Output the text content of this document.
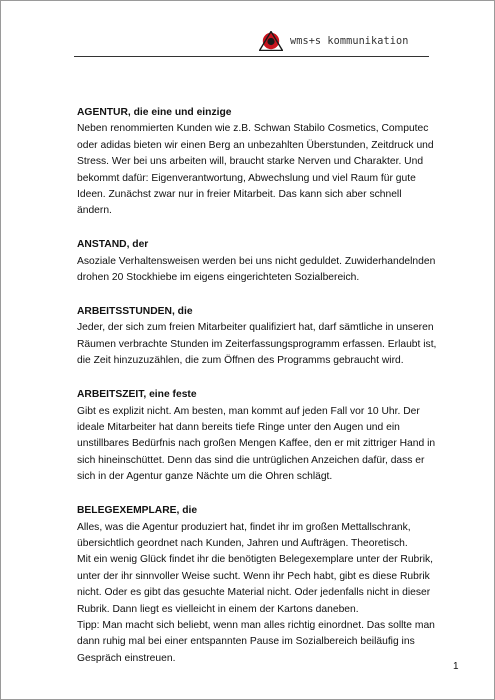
wms+s kommunikation

AGENTUR, die eine und einzige

Neben renommierten Kunden wie z.B. Schwan Stabilo Cosmetics, Computec oder adidas bieten wir einen Berg an unbezahlten Überstunden, Zeitdruck und Stress. Wer bei uns arbeiten will, braucht starke Nerven und Charakter. Und bekommt dafür: Eigenverantwortung, Abwechslung und viel Raum für gute Ideen. Zunächst zwar nur in freier Mitarbeit. Das kann sich aber schnell ändern.

ANSTAND, der

Asoziale Verhaltensweisen werden bei uns nicht geduldet. Zuwiderhandelnden drohen 20 Stockhiebe im eigens eingerichteten Sozialbereich.

ARBEITSSTUNDEN, die

Jeder, der sich zum freien Mitarbeiter qualifiziert hat, darf sämtliche in unseren Räumen verbrachte Stunden im Zeiterfassungsprogramm erfassen. Erlaubt ist, die Zeit hinzuzuzählen, die zum Öffnen des Programms gebraucht wird.

ARBEITSZEIT, eine feste

Gibt es explizit nicht. Am besten, man kommt auf jeden Fall vor 10 Uhr. Der ideale Mitarbeiter hat dann bereits tiefe Ringe unter den Augen und ein unstillbares Bedürfnis nach großen Mengen Kaffee, den er mit zittriger Hand in sich hineinschüttet. Denn das sind die untrüglichen Anzeichen dafür, dass er sich in der Agentur ganze Nächte um die Ohren schlägt.

BELEGEXEMPLARE, die

Alles, was die Agentur produziert hat, findet ihr im großen Mettallschrank, übersichtlich geordnet nach Kunden, Jahren und Aufträgen. Theoretisch.

Mit ein wenig Glück findet ihr die benötigten Belegexemplare unter der Rubrik, unter der ihr sinnvoller Weise sucht. Wenn ihr Pech habt, gibt es diese Rubrik nicht. Oder es gibt das gesuchte Material nicht. Oder jedenfalls nicht in dieser Rubrik. Dann liegt es vielleicht in einem der Kartons daneben.

Tipp: Man macht sich beliebt, wenn man alles richtig einordnet. Das sollte man dann ruhig mal bei einer entspannten Pause im Sozialbereich beiläufig ins Gespräch einstreuen.

1
